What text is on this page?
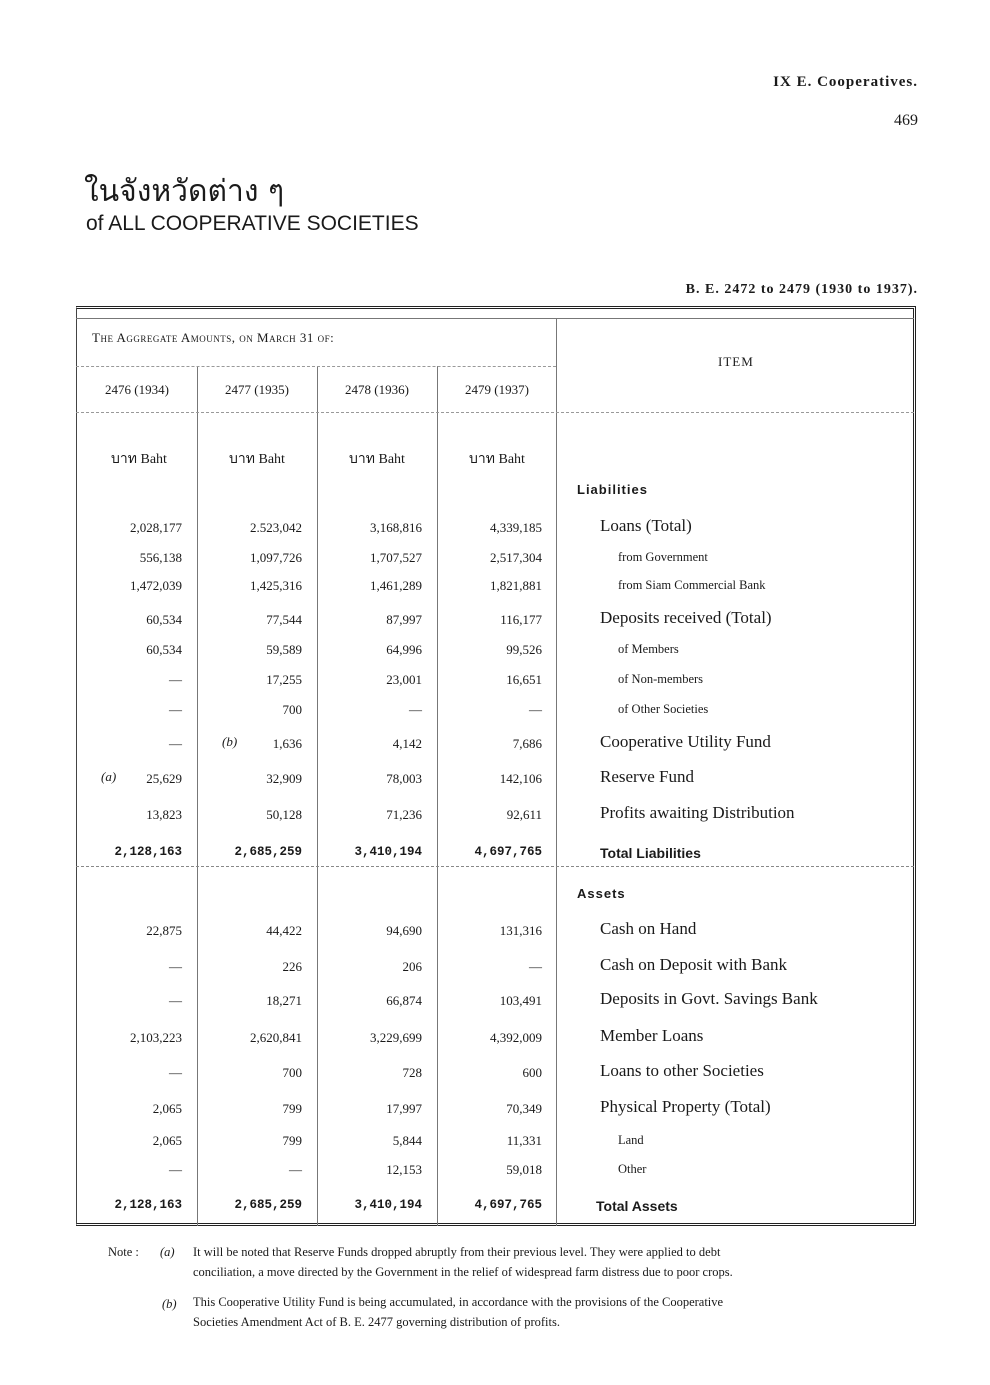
IX E. Cooperatives.
469
ในจังหวัดต่าง ๆ
of ALL COOPERATIVE SOCIETIES
B. E. 2472 to 2479 (1930 to 1937).
The Aggregate Amounts, on March 31 of:
ITEM
2476 (1934)	2477 (1935)	2478 (1936)	2479 (1937)
บาท Baht	บาท Baht	บาท Baht	บาท Baht
Liabilities
Assets
(a)
(b)
2,028,177	2.523,042	3,168,816	4,339,185	Loans (Total)
556,138	1,097,726	1,707,527	2,517,304	from Government
1,472,039	1,425,316	1,461,289	1,821,881	from Siam Commercial Bank
60,534	77,544	87,997	116,177	Deposits received (Total)
60,534	59,589	64,996	99,526	of Members
—	17,255	23,001	16,651	of Non-members
—	700	—	—	of Other Societies
—	1,636	4,142	7,686	Cooperative Utility Fund
25,629	32,909	78,003	142,106	Reserve Fund
13,823	50,128	71,236	92,611	Profits awaiting Distribution
2,128,163	2,685,259	3,410,194	4,697,765	Total Liabilities
22,875	44,422	94,690	131,316	Cash on Hand
—	226	206	—	Cash on Deposit with Bank
—	18,271	66,874	103,491	Deposits in Govt. Savings Bank
2,103,223	2,620,841	3,229,699	4,392,009	Member Loans
—	700	728	600	Loans to other Societies
2,065	799	17,997	70,349	Physical Property (Total)
2,065	799	5,844	11,331	Land
—	—	12,153	59,018	Other
2,128,163	2,685,259	3,410,194	4,697,765	Total Assets
Note : (a) It will be noted that Reserve Funds dropped abruptly from their previous level. They were applied to debt
conciliation, a move directed by the Government in the relief of widespread farm distress due to poor crops.
(b) This Cooperative Utility Fund is being accumulated, in accordance with the provisions of the Cooperative
Societies Amendment Act of B. E. 2477 governing distribution of profits.
